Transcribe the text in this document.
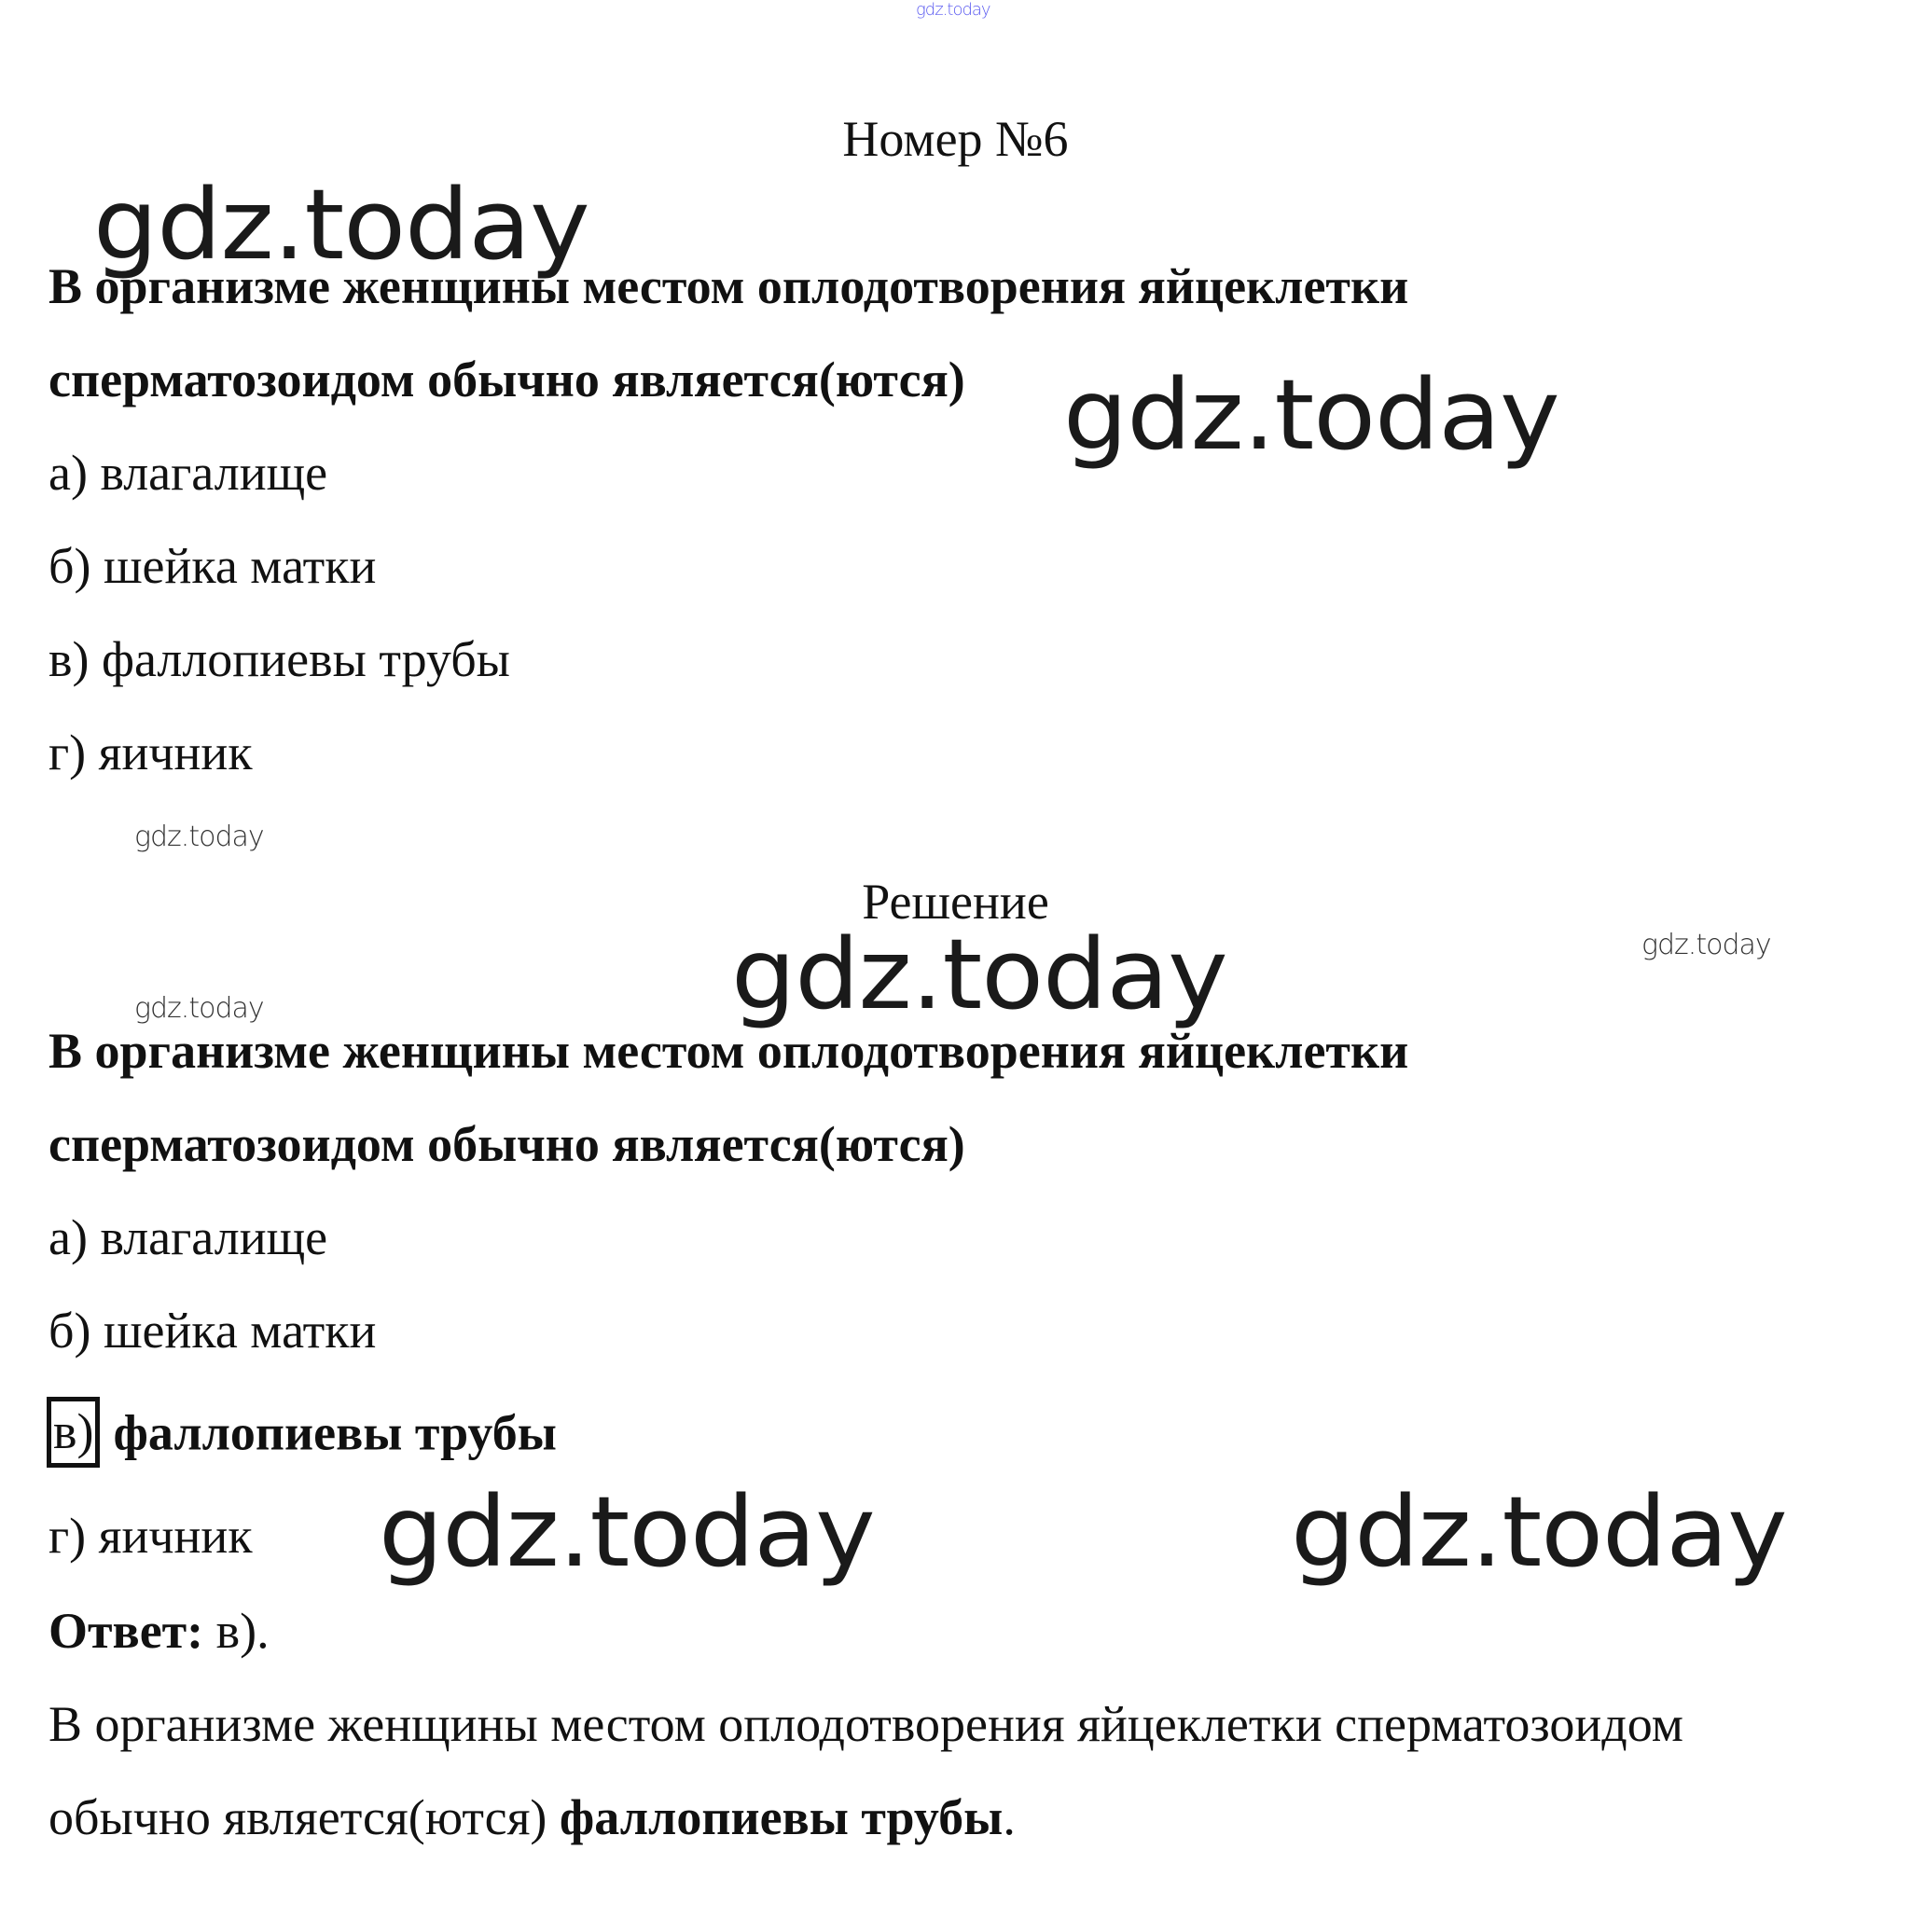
gdz.today
Номер №6
gdz.today
В организме женщины местом оплодотворения яйцеклетки
сперматозоидом обычно является(ются) gdz.today
а) влагалище
б) шейка матки
в) фаллопиевы трубы
г) яичник
gdz.today
Решение
gdz.today
gdz.today
gdz.today
В организме женщины местом оплодотворения яйцеклетки
сперматозоидом обычно является(ются)
а) влагалище
б) шейка матки
в) фаллопиевы трубы
г) яичник gdz.today	gdz.today
Ответ: в).
В организме женщины местом оплодотворения яйцеклетки сперматозоидом
обычно является(ются) фаллопиевы трубы.
